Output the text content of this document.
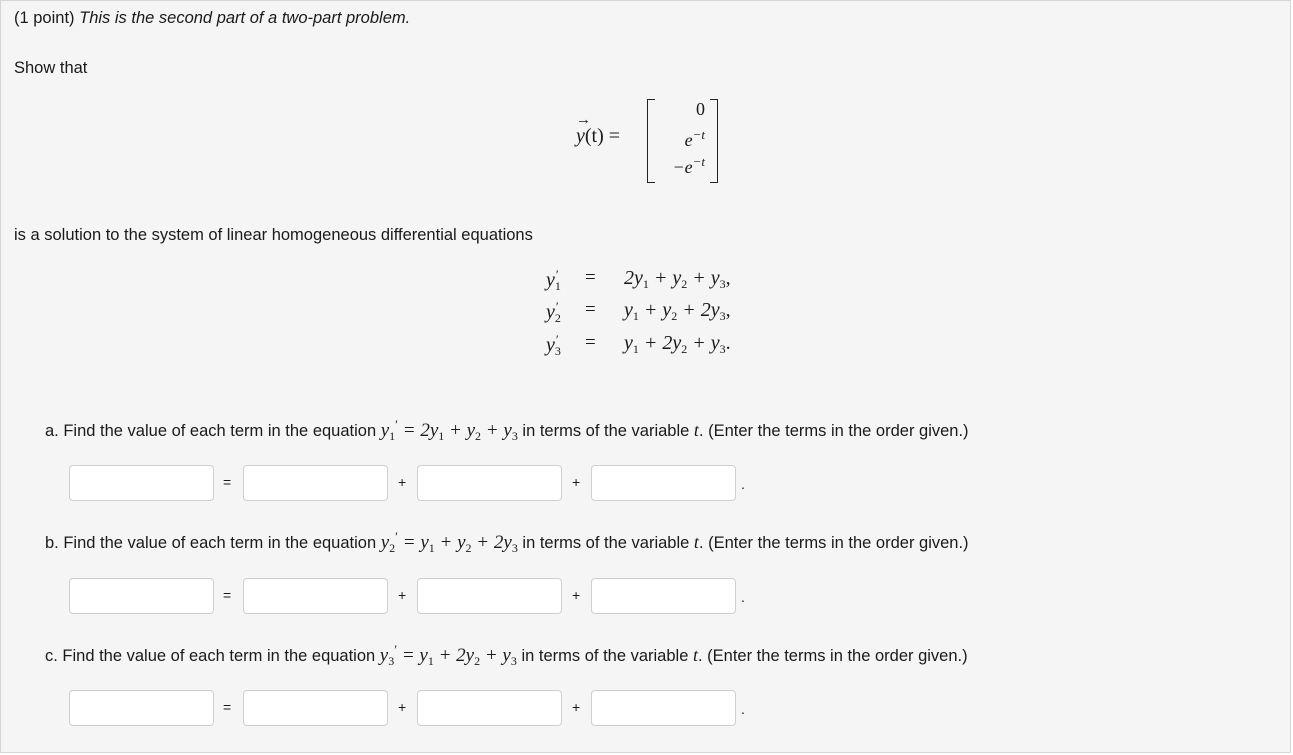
(1 point) This is the second part of a two-part problem.
Show that
y
→
(t) =
0
$e^{-t}$
$-e^{-t}$
is a solution to the system of linear homogeneous differential equations
$y_1'$	= $2y_1 + y_2 + y_3$,
$y_2'$	= $y_1 + y_2 + 2y_3$,
$y_3'$	= $y_1 + 2y_2 + y_3$.
a. Find the value of each term in the equation $y_1' = 2y_1 + y_2 + y_3$ in terms of the variable t. (Enter the terms in the order given.)
=	+	+	.
b. Find the value of each term in the equation $y_2' = y_1 + y_2 + 2y_3$ in terms of the variable t. (Enter the terms in the order given.)
=	+	+	.
c. Find the value of each term in the equation $y_3' = y_1 + 2y_2 + y_3$ in terms of the variable t. (Enter the terms in the order given.)
=	+	+	.
